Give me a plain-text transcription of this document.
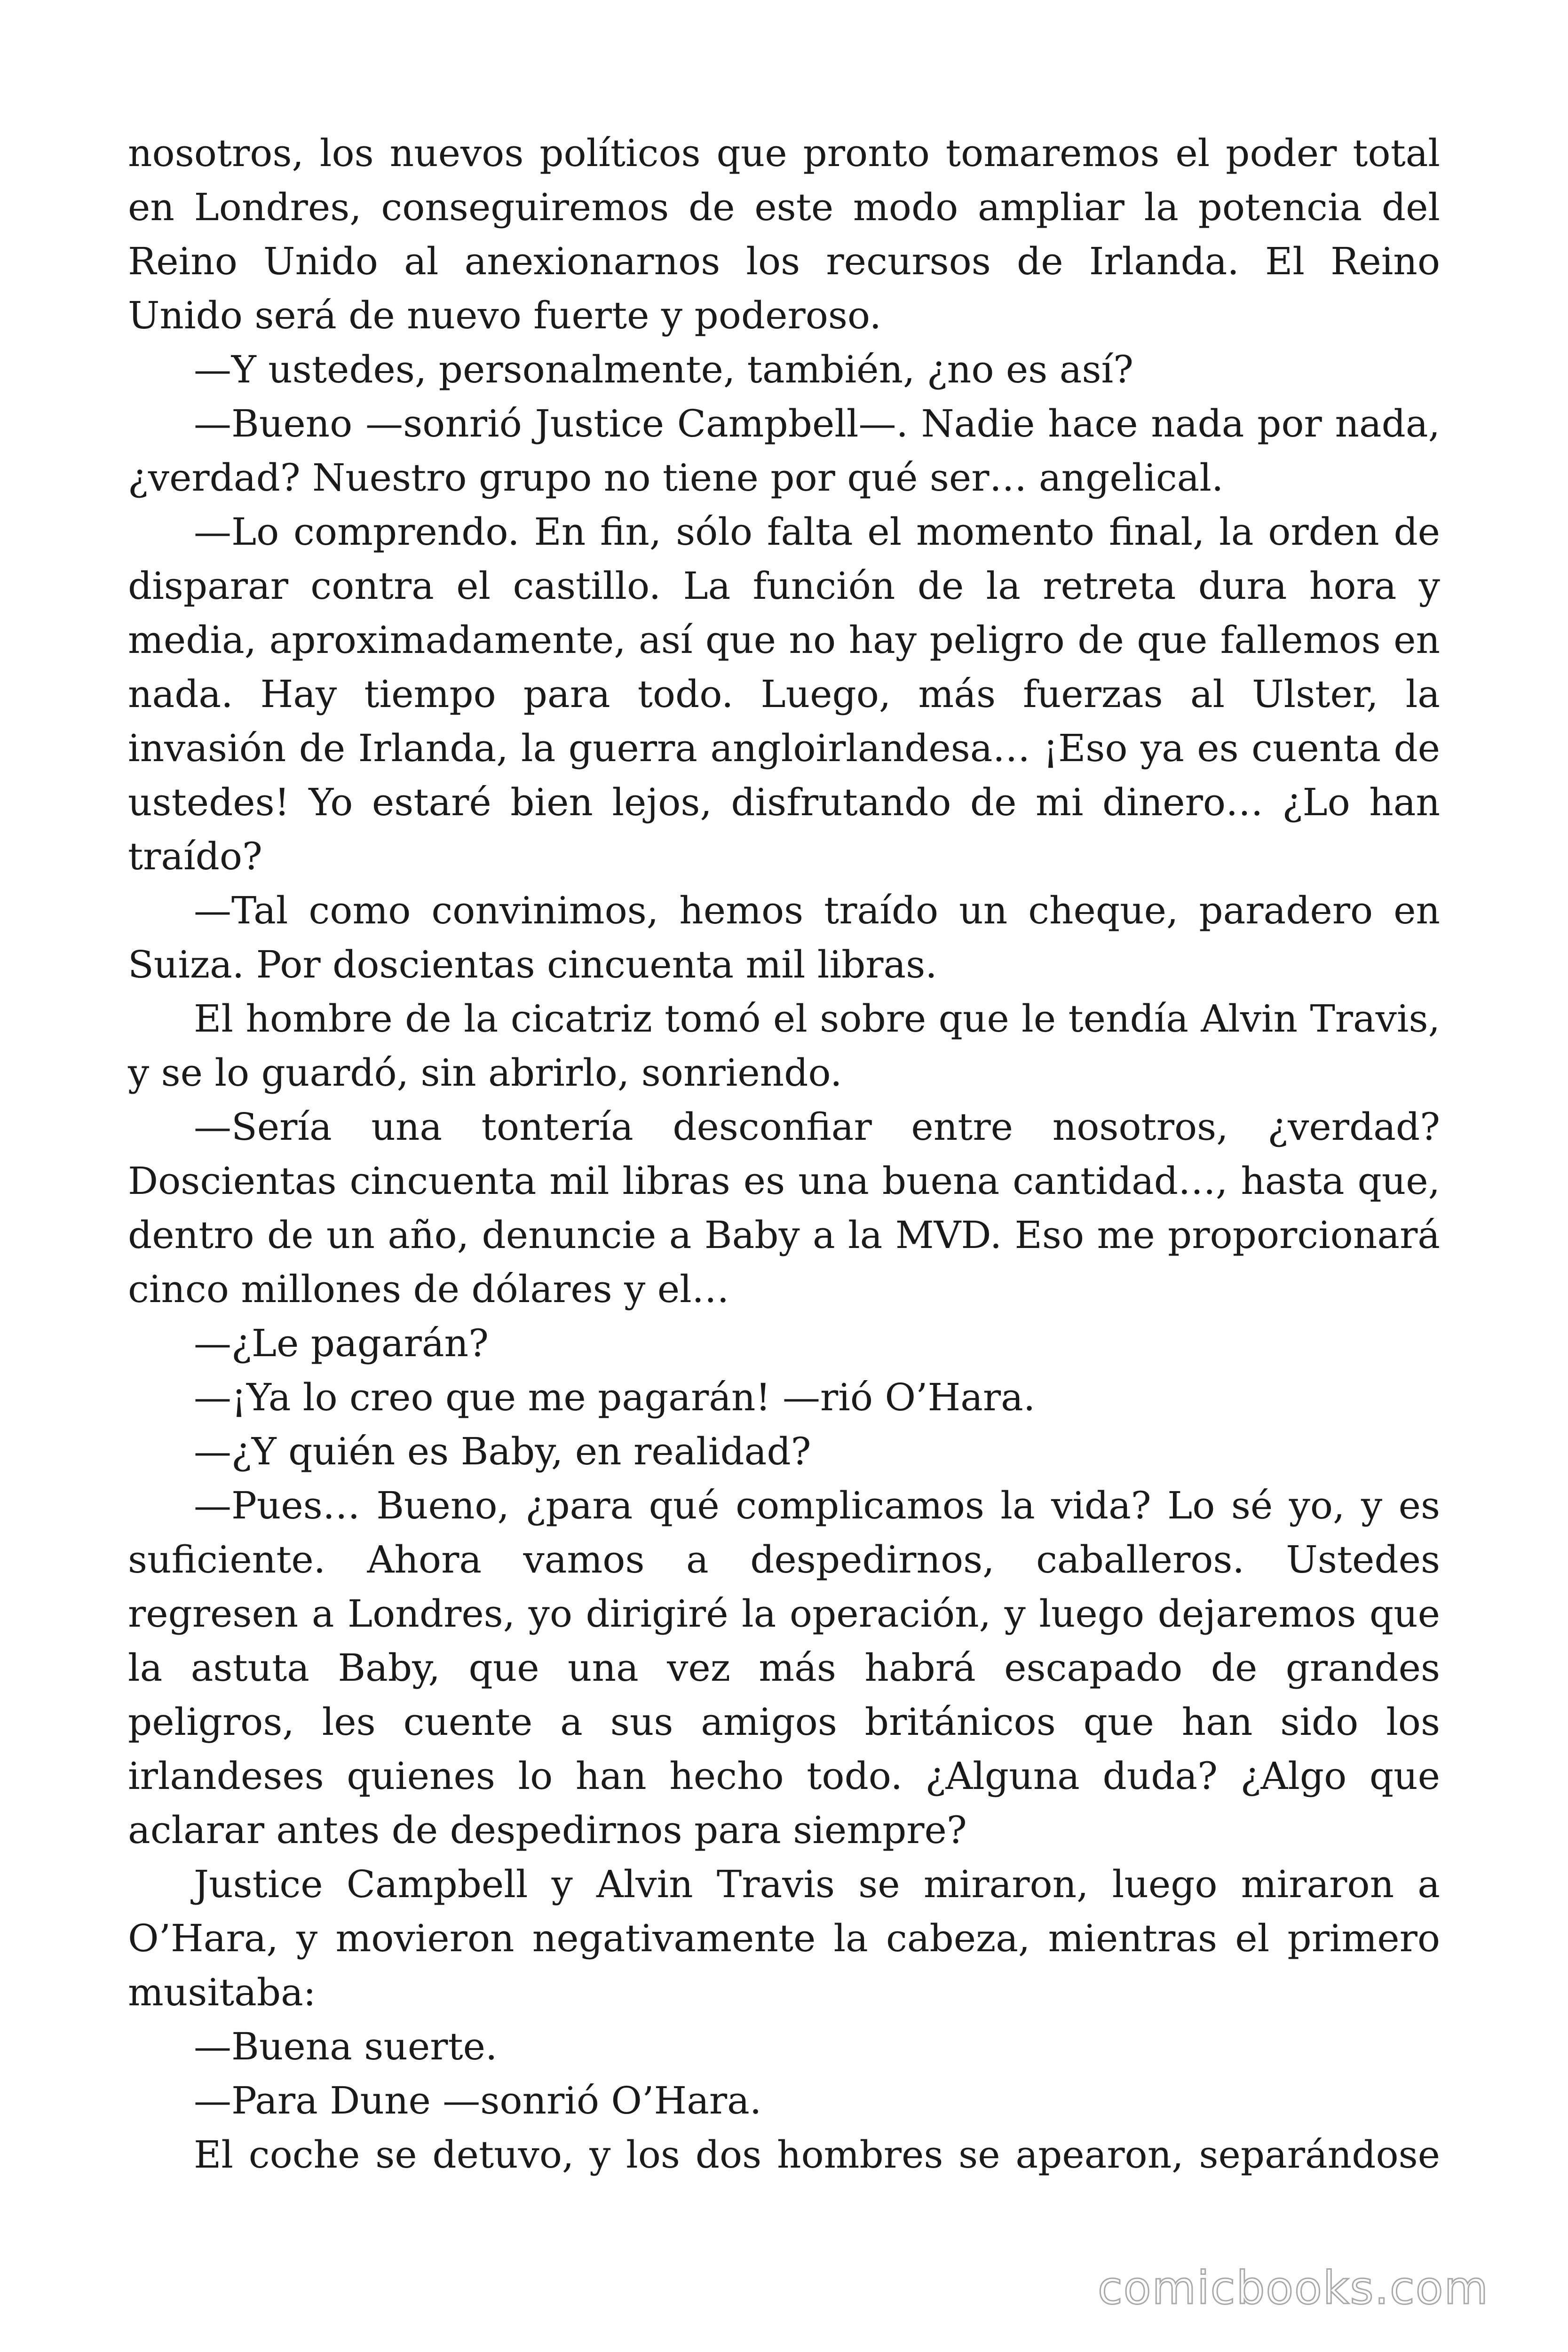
nosotros, los nuevos políticos que pronto tomaremos el poder total en Londres, conseguiremos de este modo ampliar la potencia del Reino Unido al anexionarnos los recursos de Irlanda. El Reino Unido será de nuevo fuerte y poderoso.

—Y ustedes, personalmente, también, ¿no es así?

—Bueno —sonrió Justice Campbell—. Nadie hace nada por nada, ¿verdad? Nuestro grupo no tiene por qué ser… angelical.

—Lo comprendo. En fin, sólo falta el momento final, la orden de disparar contra el castillo. La función de la retreta dura hora y media, aproximadamente, así que no hay peligro de que fallemos en nada. Hay tiempo para todo. Luego, más fuerzas al Ulster, la invasión de Irlanda, la guerra angloirlandesa… ¡Eso ya es cuenta de ustedes! Yo estaré bien lejos, disfrutando de mi dinero… ¿Lo han traído?

—Tal como convinimos, hemos traído un cheque, paradero en Suiza. Por doscientas cincuenta mil libras.

El hombre de la cicatriz tomó el sobre que le tendía Alvin Travis, y se lo guardó, sin abrirlo, sonriendo.

—Sería una tontería desconfiar entre nosotros, ¿verdad? Doscientas cincuenta mil libras es una buena cantidad…, hasta que, dentro de un año, denuncie a Baby a la MVD. Eso me proporcionará cinco millones de dólares y el…

—¿Le pagarán?

—¡Ya lo creo que me pagarán! —rió O’Hara.

—¿Y quién es Baby, en realidad?

—Pues… Bueno, ¿para qué complicamos la vida? Lo sé yo, y es suficiente. Ahora vamos a despedirnos, caballeros. Ustedes regresen a Londres, yo dirigiré la operación, y luego dejaremos que la astuta Baby, que una vez más habrá escapado de grandes peligros, les cuente a sus amigos británicos que han sido los irlandeses quienes lo han hecho todo. ¿Alguna duda? ¿Algo que aclarar antes de despedirnos para siempre?

Justice Campbell y Alvin Travis se miraron, luego miraron a O’Hara, y movieron negativamente la cabeza, mientras el primero musitaba:

—Buena suerte.

—Para Dune —sonrió O’Hara.

El coche se detuvo, y los dos hombres se apearon, separándose

comicbooks.com
